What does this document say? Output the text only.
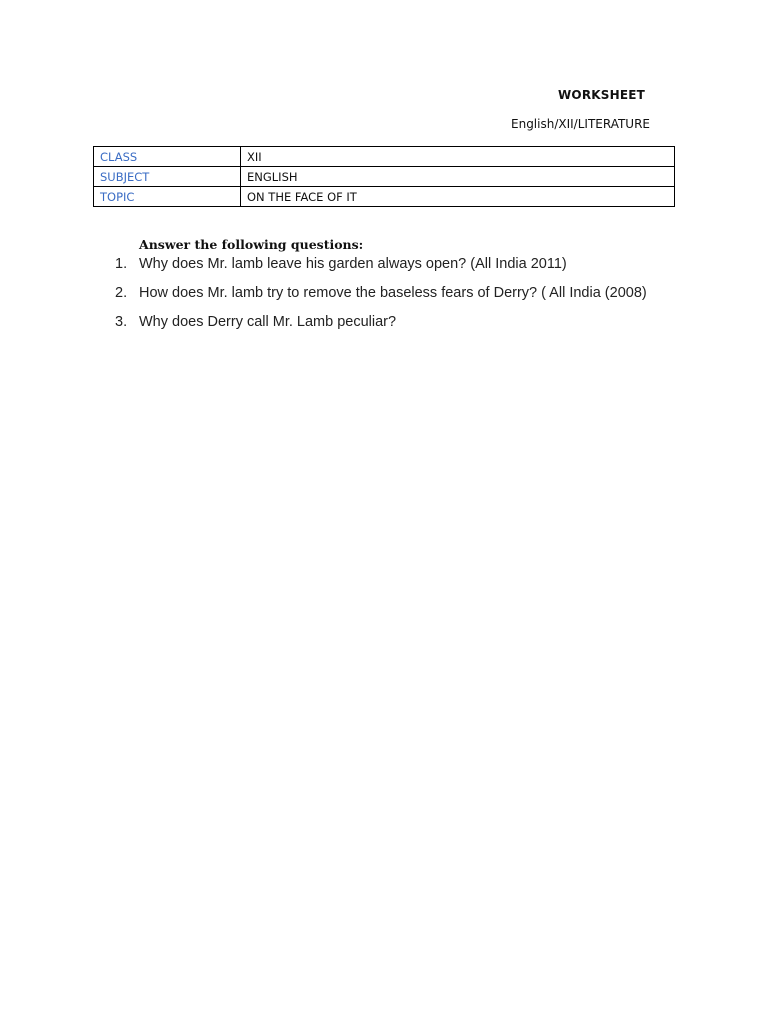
WORKSHEET
English/XII/LITERATURE
CLASS	XII
SUBJECT	ENGLISH
TOPIC	ON THE FACE OF IT
Answer the following questions:
1. Why does Mr. lamb leave his garden always open? (All India 2011)
2. How does Mr. lamb try to remove the baseless fears of Derry? ( All India (2008)
3. Why does Derry call Mr. Lamb peculiar?
